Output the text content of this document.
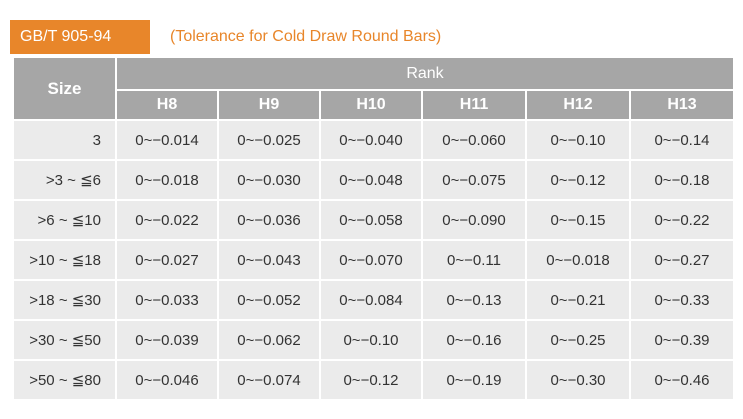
GB/T 905-94	(Tolerance for Cold Draw Round Bars)
Size	Rank					
	H8	H9	H10	H11	H12	H13
3	0~−0.014	0~−0.025	0~−0.040	0~−0.060	0~−0.10	0~−0.14
>3 ~ ≦6	0~−0.018	0~−0.030	0~−0.048	0~−0.075	0~−0.12	0~−0.18
>6 ~ ≦10	0~−0.022	0~−0.036	0~−0.058	0~−0.090	0~−0.15	0~−0.22
>10 ~ ≦18	0~−0.027	0~−0.043	0~−0.070	0~−0.11	0~−0.018	0~−0.27
>18 ~ ≦30	0~−0.033	0~−0.052	0~−0.084	0~−0.13	0~−0.21	0~−0.33
>30 ~ ≦50	0~−0.039	0~−0.062	0~−0.10	0~−0.16	0~−0.25	0~−0.39
>50 ~ ≦80	0~−0.046	0~−0.074	0~−0.12	0~−0.19	0~−0.30	0~−0.46
